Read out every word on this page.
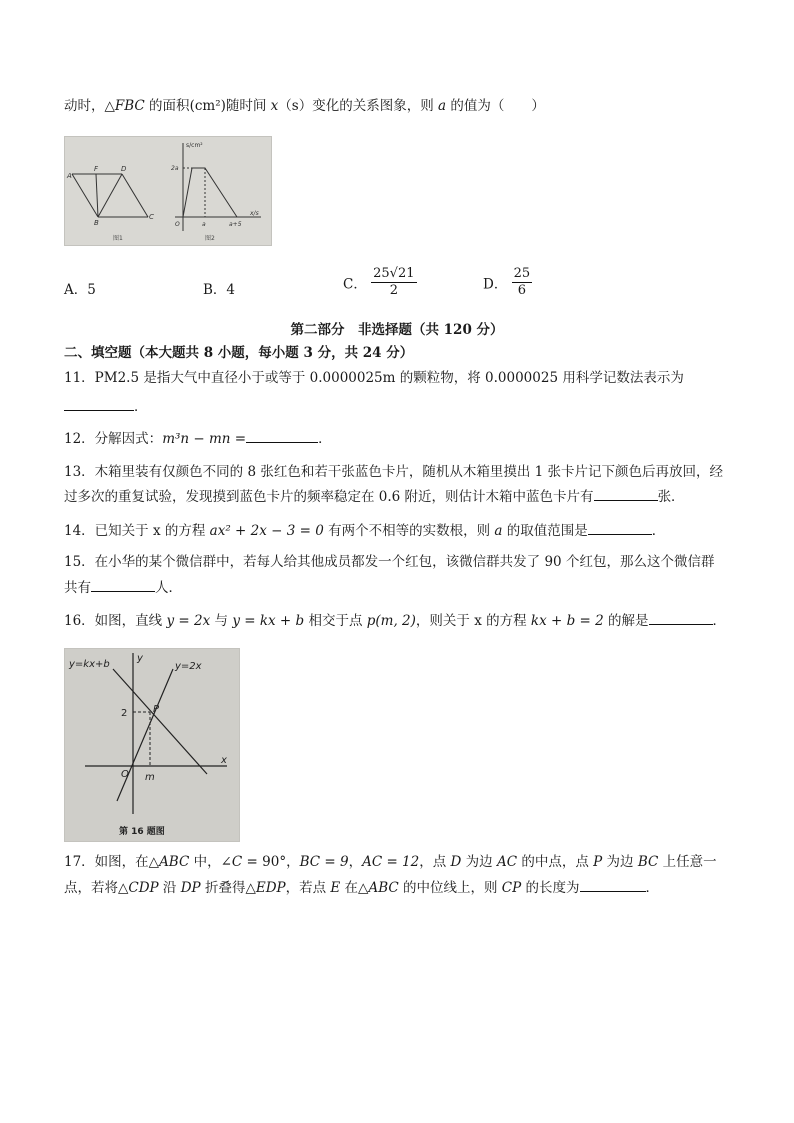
动时，△FBC 的面积(cm²)随时间 x（s）变化的关系图象，则 a 的值为（　　）
A
F	D
B
C
图1
s/cm²
2a
O	a	a+5
x/s
图2
A．5	B．4	C． $\frac{25√21}{2}$	D． $\frac{25}{6}$
第二部分　非选择题（共 120 分）
二、填空题（本大题共 8 小题，每小题 3 分，共 24 分）
11．PM2.5 是指大气中直径小于或等于 0.0000025m 的颗粒物，将 0.0000025 用科学记数法表示为
．
12．分解因式：m³n − mn =	．
13．木箱里装有仅颜色不同的 8 张红色和若干张蓝色卡片，随机从木箱里摸出 1 张卡片记下颜色后再放回，经
过多次的重复试验，发现摸到蓝色卡片的频率稳定在 0.6 附近，则估计木箱中蓝色卡片有	张．
14．已知关于 x 的方程 ax² + 2x − 3 = 0 有两个不相等的实数根，则 a 的取值范围是	．
15．在小华的某个微信群中，若每人给其他成员都发一个红包，该微信群共发了 90 个红包，那么这个微信群
共有	人．
16．如图，直线 y = 2x 与 y = kx + b 相交于点 p(m, 2)，则关于 x 的方程 kx + b = 2 的解是	．
y=kx+b	y=2x
y
x
2	P
O m
第 16 题图
17．如图，在△ABC 中，∠C = 90°，BC = 9，AC = 12，点 D 为边 AC 的中点，点 P 为边 BC 上任意一
点，若将△CDP 沿 DP 折叠得△EDP，若点 E 在△ABC 的中位线上，则 CP 的长度为	．
